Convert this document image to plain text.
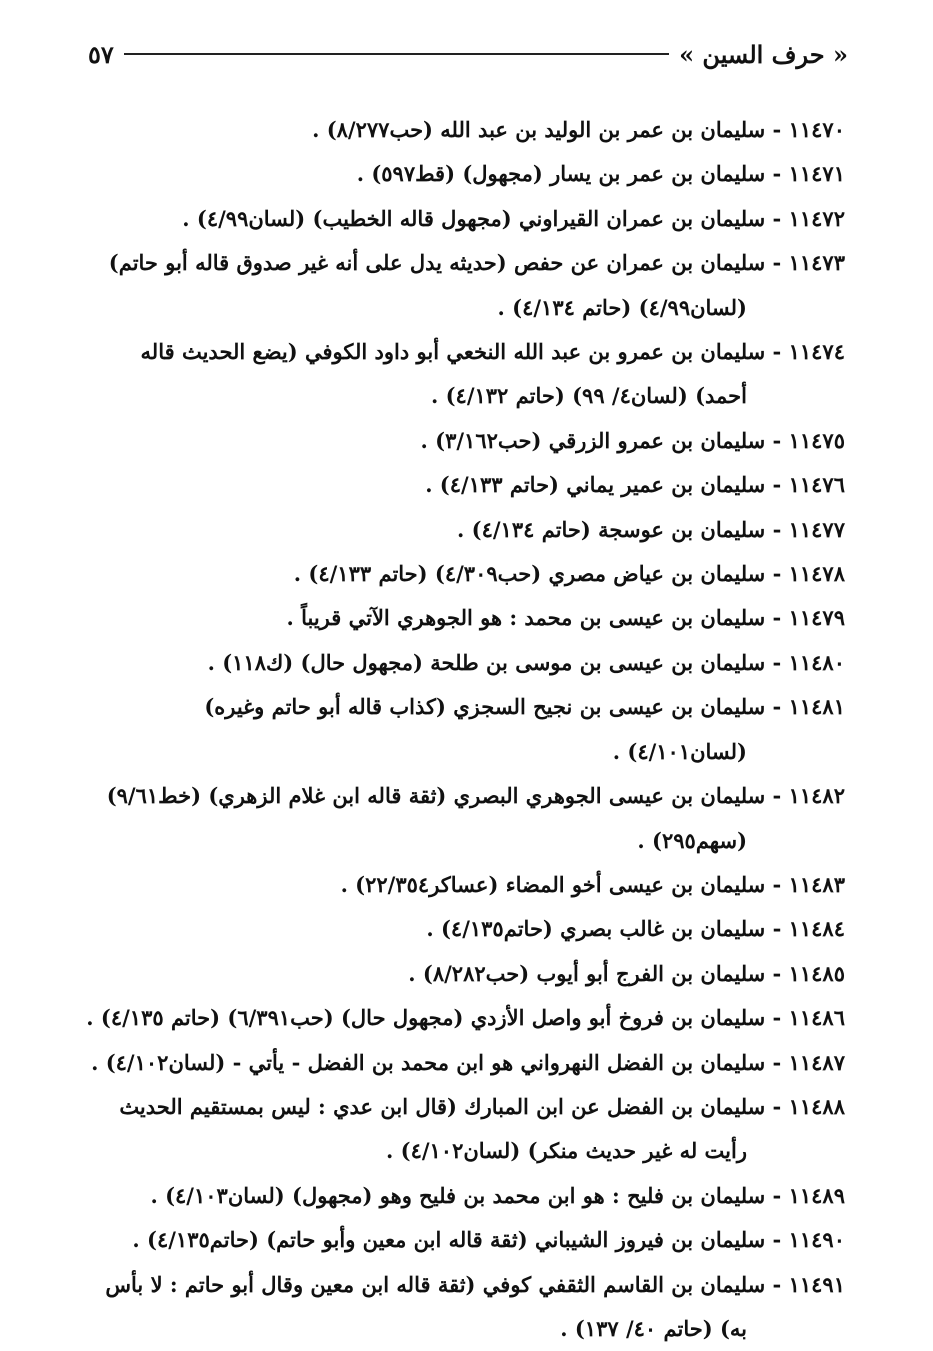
« حرف السين »
٥٧
١١٤٧٠ - سليمان بن عمر بن الوليد بن عبد الله (حب٨/٢٧٧) .
١١٤٧١ - سليمان بن عمر بن يسار (مجهول) (قط٥٩٧) .
١١٤٧٢ - سليمان بن عمران القيراوني (مجهول قاله الخطيب) (لسان٤/٩٩) .
١١٤٧٣ - سليمان بن عمران عن حفص (حديثه يدل على أنه غير صدوق قاله أبو حاتم) (لسان٤/٩٩) (حاتم ٤/١٣٤) .
١١٤٧٤ - سليمان بن عمرو بن عبد الله النخعي أبو داود الكوفي (يضع الحديث قاله أحمد) (لسان٤/ ٩٩) (حاتم ٤/١٣٢) .
١١٤٧٥ - سليمان بن عمرو الزرقي (حب٣/١٦٢) .
١١٤٧٦ - سليمان بن عمير يماني (حاتم ٤/١٣٣) .
١١٤٧٧ - سليمان بن عوسجة (حاتم ٤/١٣٤) .
١١٤٧٨ - سليمان بن عياض مصري (حب٤/٣٠٩) (حاتم ٤/١٣٣) .
١١٤٧٩ - سليمان بن عيسى بن محمد : هو الجوهري الآتي قريباً .
١١٤٨٠ - سليمان بن عيسى بن موسى بن طلحة (مجهول حال) (ك١١٨) .
١١٤٨١ - سليمان بن عيسى بن نجيح السجزي (كذاب قاله أبو حاتم وغيره) (لسان٤/١٠١) .
١١٤٨٢ - سليمان بن عيسى الجوهري البصري (ثقة قاله ابن غلام الزهري) (خط٩/٦١) (سهم٢٩٥) .
١١٤٨٣ - سليمان بن عيسى أخو المضاء (عساكر٢٢/٣٥٤) .
١١٤٨٤ - سليمان بن غالب بصري (حاتم٤/١٣٥) .
١١٤٨٥ - سليمان بن الفرج أبو أيوب (حب٨/٢٨٢) .
١١٤٨٦ - سليمان بن فروخ أبو واصل الأزدي (مجهول حال) (حب٦/٣٩١) (حاتم ٤/١٣٥) .
١١٤٨٧ - سليمان بن الفضل النهرواني هو ابن محمد بن الفضل - يأتي - (لسان٤/١٠٢) .
١١٤٨٨ - سليمان بن الفضل عن ابن المبارك (قال ابن عدي : ليس بمستقيم الحديث رأيت له غير حديث منكر) (لسان٤/١٠٢) .
١١٤٨٩ - سليمان بن فليح : هو ابن محمد بن فليح وهو (مجهول) (لسان٤/١٠٣) .
١١٤٩٠ - سليمان بن فيروز الشيباني (ثقة قاله ابن معين وأبو حاتم) (حاتم٤/١٣٥) .
١١٤٩١ - سليمان بن القاسم الثقفي كوفي (ثقة قاله ابن معين وقال أبو حاتم : لا بأس به) (حاتم ٤٠/ ١٣٧) .
